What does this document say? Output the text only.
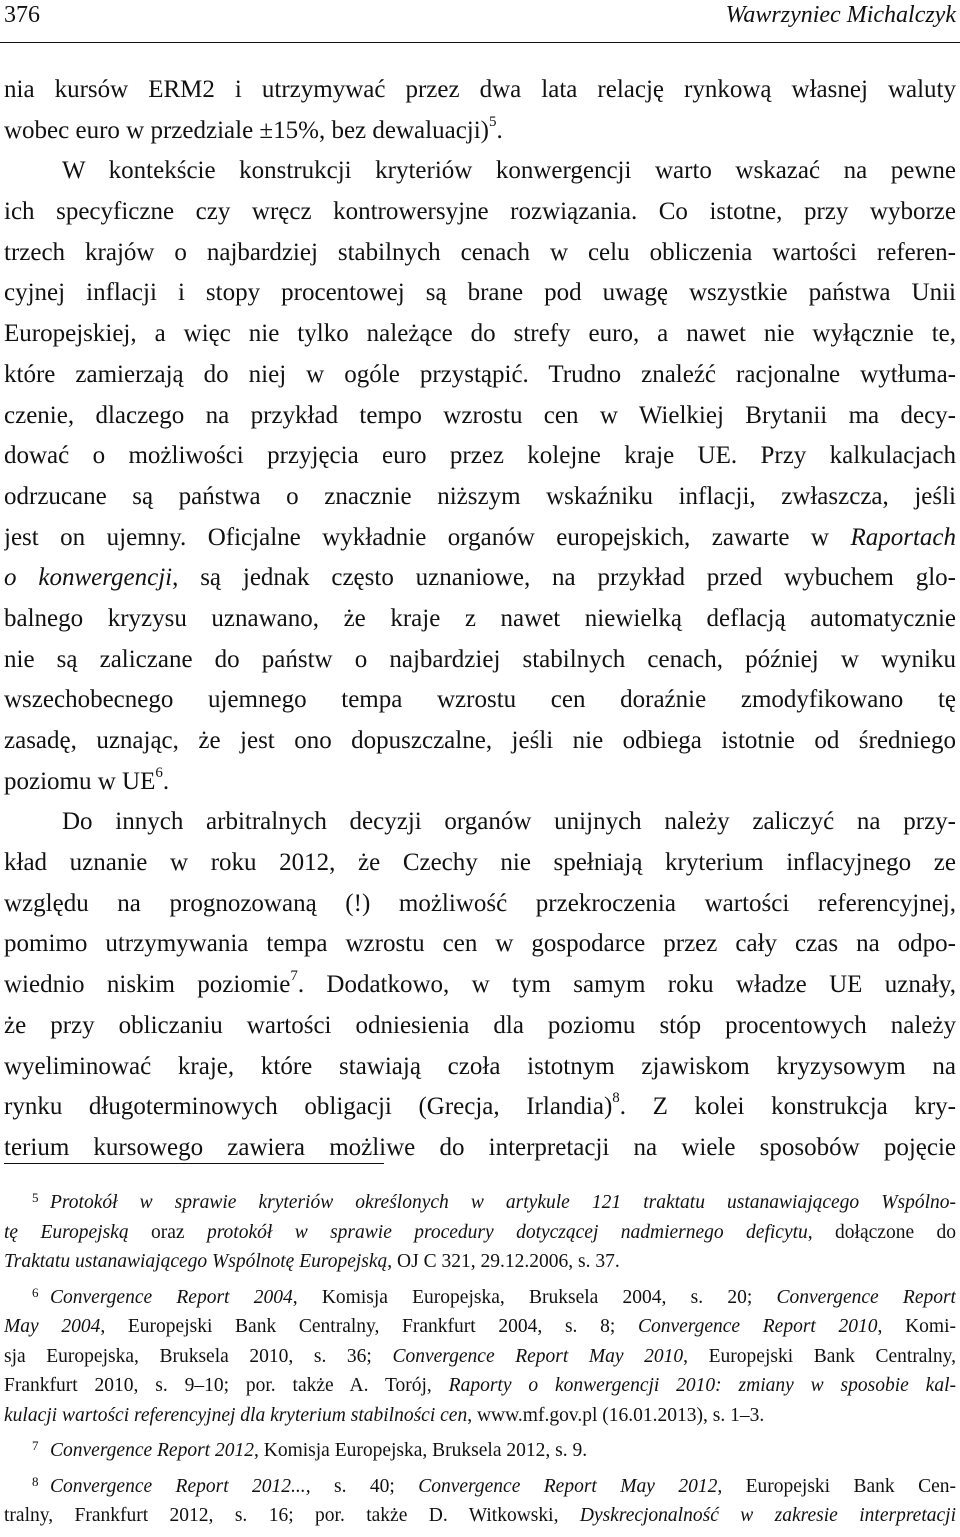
376	Wawrzyniec Michalczyk
nia kursów ERM2 i utrzymywać przez dwa lata relację rynkową własnej waluty
wobec euro w przedziale ±15%, bez dewaluacji)$^5$.
W kontekście konstrukcji kryteriów konwergencji warto wskazać na pewne
ich specyficzne czy wręcz kontrowersyjne rozwiązania. Co istotne, przy wyborze
trzech krajów o najbardziej stabilnych cenach w celu obliczenia wartości referen-
cyjnej inflacji i stopy procentowej są brane pod uwagę wszystkie państwa Unii
Europejskiej, a więc nie tylko należące do strefy euro, a nawet nie wyłącznie te,
które zamierzają do niej w ogóle przystąpić. Trudno znaleźć racjonalne wytłuma-
czenie, dlaczego na przykład tempo wzrostu cen w Wielkiej Brytanii ma decy-
dować o możliwości przyjęcia euro przez kolejne kraje UE. Przy kalkulacjach
odrzucane są państwa o znacznie niższym wskaźniku inflacji, zwłaszcza, jeśli
jest on ujemny. Oficjalne wykładnie organów europejskich, zawarte w Raportach
o konwergencji, są jednak często uznaniowe, na przykład przed wybuchem glo-
balnego kryzysu uznawano, że kraje z nawet niewielką deflacją automatycznie
nie są zaliczane do państw o najbardziej stabilnych cenach, później w wyniku
wszechobecnego ujemnego tempa wzrostu cen doraźnie zmodyfikowano tę
zasadę, uznając, że jest ono dopuszczalne, jeśli nie odbiega istotnie od średniego
poziomu w $UE^6$.
Do innych arbitralnych decyzji organów unijnych należy zaliczyć na przy-
kład uznanie w roku 2012, że Czechy nie spełniają kryterium inflacyjnego ze
względu na prognozowaną (!) możliwość przekroczenia wartości referencyjnej,
pomimo utrzymywania tempa wzrostu cen w gospodarce przez cały czas na odpo-
wiednio niskim poziomie$^7$. Dodatkowo, w tym samym roku władze UE uznały,
że przy obliczaniu wartości odniesienia dla poziomu stóp procentowych należy
wyeliminować kraje, które stawiają czoła istotnym zjawiskom kryzysowym na
rynku długoterminowych obligacji (Grecja, Irlandia)$^8$. Z kolei konstrukcja kry-
terium kursowego zawiera możliwe do interpretacji na wiele sposobów pojęcie
5 Protokół w sprawie kryteriów określonych w artykule 121 traktatu ustanawiającego Wspólno-
tę Europejską oraz protokół w sprawie procedury dotyczącej nadmiernego deficytu, dołączone do
Traktatu ustanawiającego Wspólnotę Europejską, OJ C 321, 29.12.2006, s. 37.
6 Convergence Report 2004, Komisja Europejska, Bruksela 2004, s. 20; Convergence Report
May 2004, Europejski Bank Centralny, Frankfurt 2004, s. 8; Convergence Report 2010, Komi-
sja Europejska, Bruksela 2010, s. 36; Convergence Report May 2010, Europejski Bank Centralny,
Frankfurt 2010, s. 9–10; por. także A. Torój, Raporty o konwergencji 2010: zmiany w sposobie kal-
kulacji wartości referencyjnej dla kryterium stabilności cen, www.mf.gov.pl (16.01.2013), s. 1–3.
7 Convergence Report 2012, Komisja Europejska, Bruksela 2012, s. 9.
8 Convergence Report 2012..., s. 40; Convergence Report May 2012, Europejski Bank Cen-
tralny, Frankfurt 2012, s. 16; por. także D. Witkowski, Dyskrecjonalność w zakresie interpretacji
